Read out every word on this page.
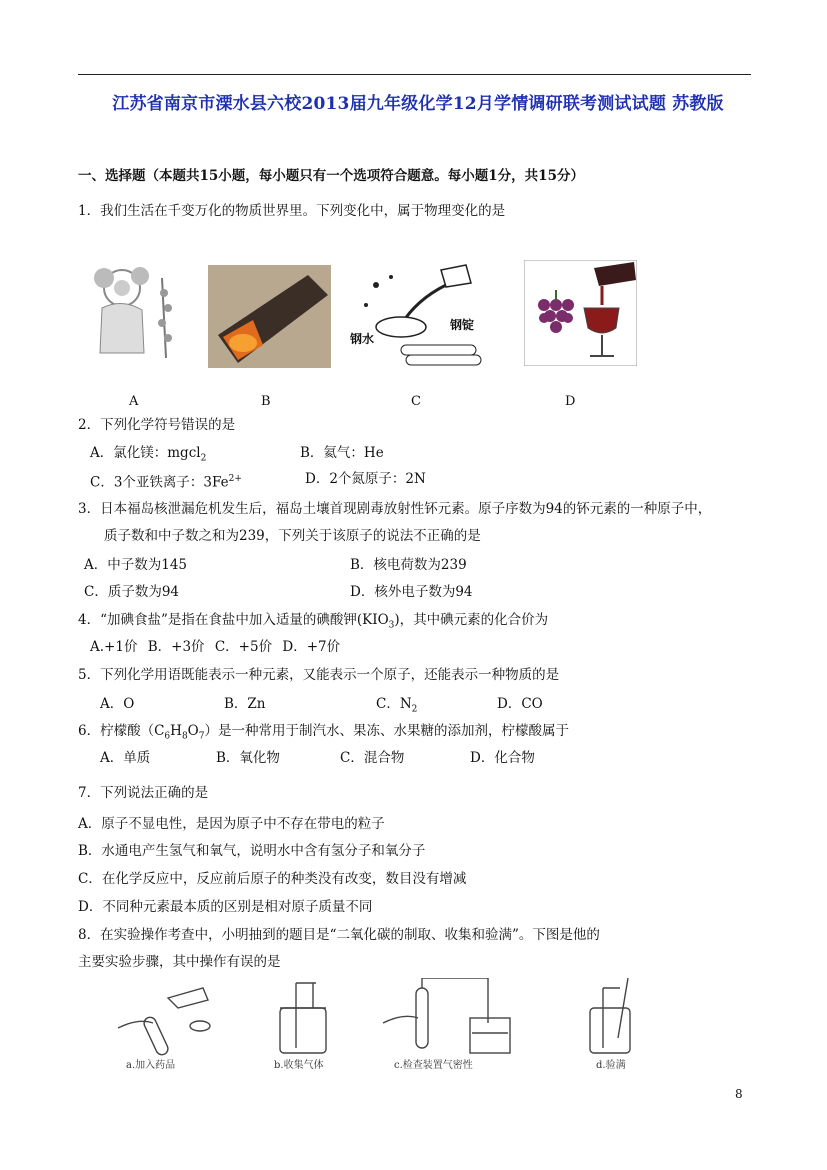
江苏省南京市溧水县六校2013届九年级化学12月学情调研联考测试试题 苏教版
一、选择题（本题共15小题，每小题只有一个选项符合题意。每小题1分，共15分）
1．我们生活在千变万化的物质世界里。下列变化中，属于物理变化的是
钢水
钢锭
A	B	C	D
2．下列化学符号错误的是
A．氯化镁：mgcl$_2$	B．氦气：He
C．3个亚铁离子：$3Fe^{2+}$	D．2个氮原子：2N
3．日本福岛核泄漏危机发生后，福岛土壤首现剧毒放射性钚元素。原子序数为94的钚元素的一种原子中，
质子数和中子数之和为239，下列关于该原子的说法不正确的是
A．中子数为145	B．核电荷数为239
C．质子数为94	D．核外电子数为94
4．“加碘食盐”是指在食盐中加入适量的碘酸钾$(KIO_3)$，其中碘元素的化合价为
A.+1价 B．+3价 C．+5价 D．+7价
5．下列化学用语既能表示一种元素，又能表示一个原子，还能表示一种物质的是
A．O	B．Zn	C．$N_2$	D．CO
6．柠檬酸$(C_6H_8O_7)$是一种常用于制汽水、果冻、水果糖的添加剂，柠檬酸属于
A．单质	B．氧化物	C．混合物	D．化合物
7．下列说法正确的是
A．原子不显电性，是因为原子中不存在带电的粒子
B．水通电产生氢气和氧气，说明水中含有氢分子和氧分子
C．在化学反应中，反应前后原子的种类没有改变，数目没有增减
D．不同种元素最本质的区别是相对原子质量不同
8．在实验操作考查中，小明抽到的题目是“二氧化碳的制取、收集和验满”。下图是他的
主要实验步骤，其中操作有误的是
a.加入药品	b.收集气体	c.检查装置气密性	d.验满
8
